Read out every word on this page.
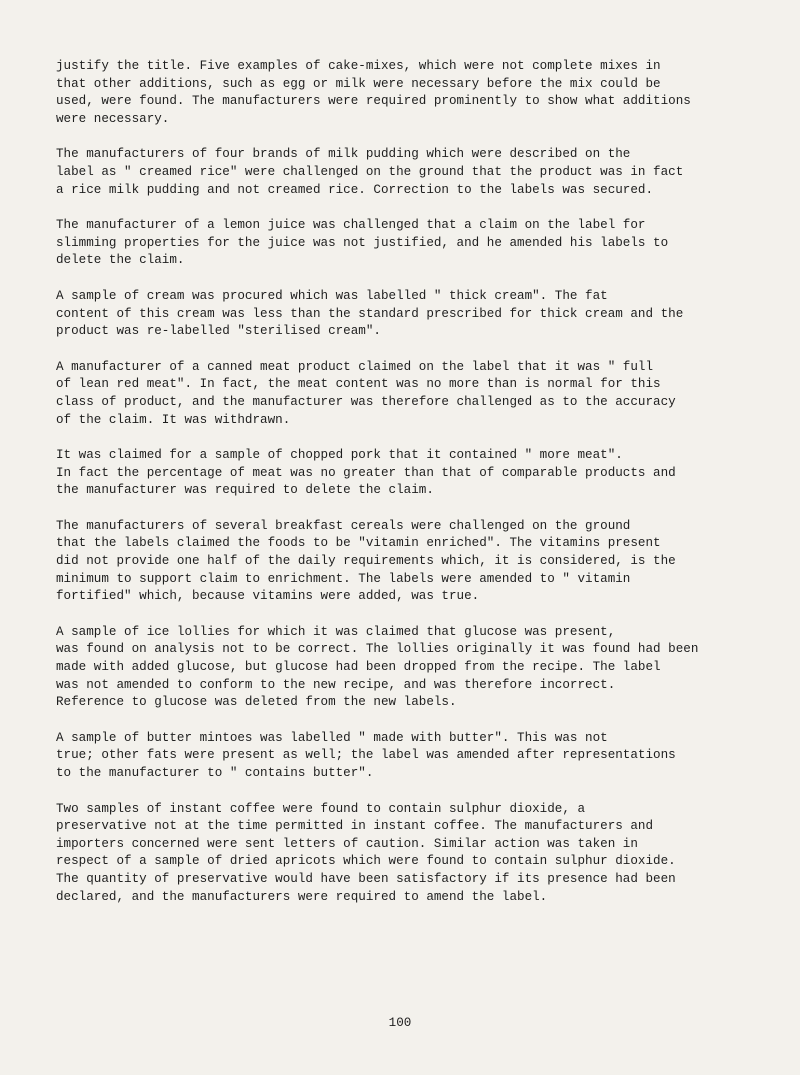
justify the title. Five examples of cake-mixes, which were not complete mixes in
that other additions, such as egg or milk were necessary before the mix could be
used, were found. The manufacturers were required prominently to show what additions
were necessary.

The manufacturers of four brands of milk pudding which were described on the
label as " creamed rice" were challenged on the ground that the product was in fact
a rice milk pudding and not creamed rice. Correction to the labels was secured.

The manufacturer of a lemon juice was challenged that a claim on the label for
slimming properties for the juice was not justified, and he amended his labels to
delete the claim.

A sample of cream was procured which was labelled " thick cream". The fat
content of this cream was less than the standard prescribed for thick cream and the
product was re-labelled "sterilised cream".

A manufacturer of a canned meat product claimed on the label that it was " full
of lean red meat". In fact, the meat content was no more than is normal for this
class of product, and the manufacturer was therefore challenged as to the accuracy
of the claim. It was withdrawn.

It was claimed for a sample of chopped pork that it contained " more meat".
In fact the percentage of meat was no greater than that of comparable products and
the manufacturer was required to delete the claim.

The manufacturers of several breakfast cereals were challenged on the ground
that the labels claimed the foods to be "vitamin enriched". The vitamins present
did not provide one half of the daily requirements which, it is considered, is the
minimum to support claim to enrichment. The labels were amended to " vitamin
fortified" which, because vitamins were added, was true.

A sample of ice lollies for which it was claimed that glucose was present,
was found on analysis not to be correct. The lollies originally it was found had been
made with added glucose, but glucose had been dropped from the recipe. The label
was not amended to conform to the new recipe, and was therefore incorrect.
Reference to glucose was deleted from the new labels.

A sample of butter mintoes was labelled " made with butter". This was not
true; other fats were present as well; the label was amended after representations
to the manufacturer to " contains butter".

Two samples of instant coffee were found to contain sulphur dioxide, a
preservative not at the time permitted in instant coffee. The manufacturers and
importers concerned were sent letters of caution. Similar action was taken in
respect of a sample of dried apricots which were found to contain sulphur dioxide.
The quantity of preservative would have been satisfactory if its presence had been
declared, and the manufacturers were required to amend the label.

100
